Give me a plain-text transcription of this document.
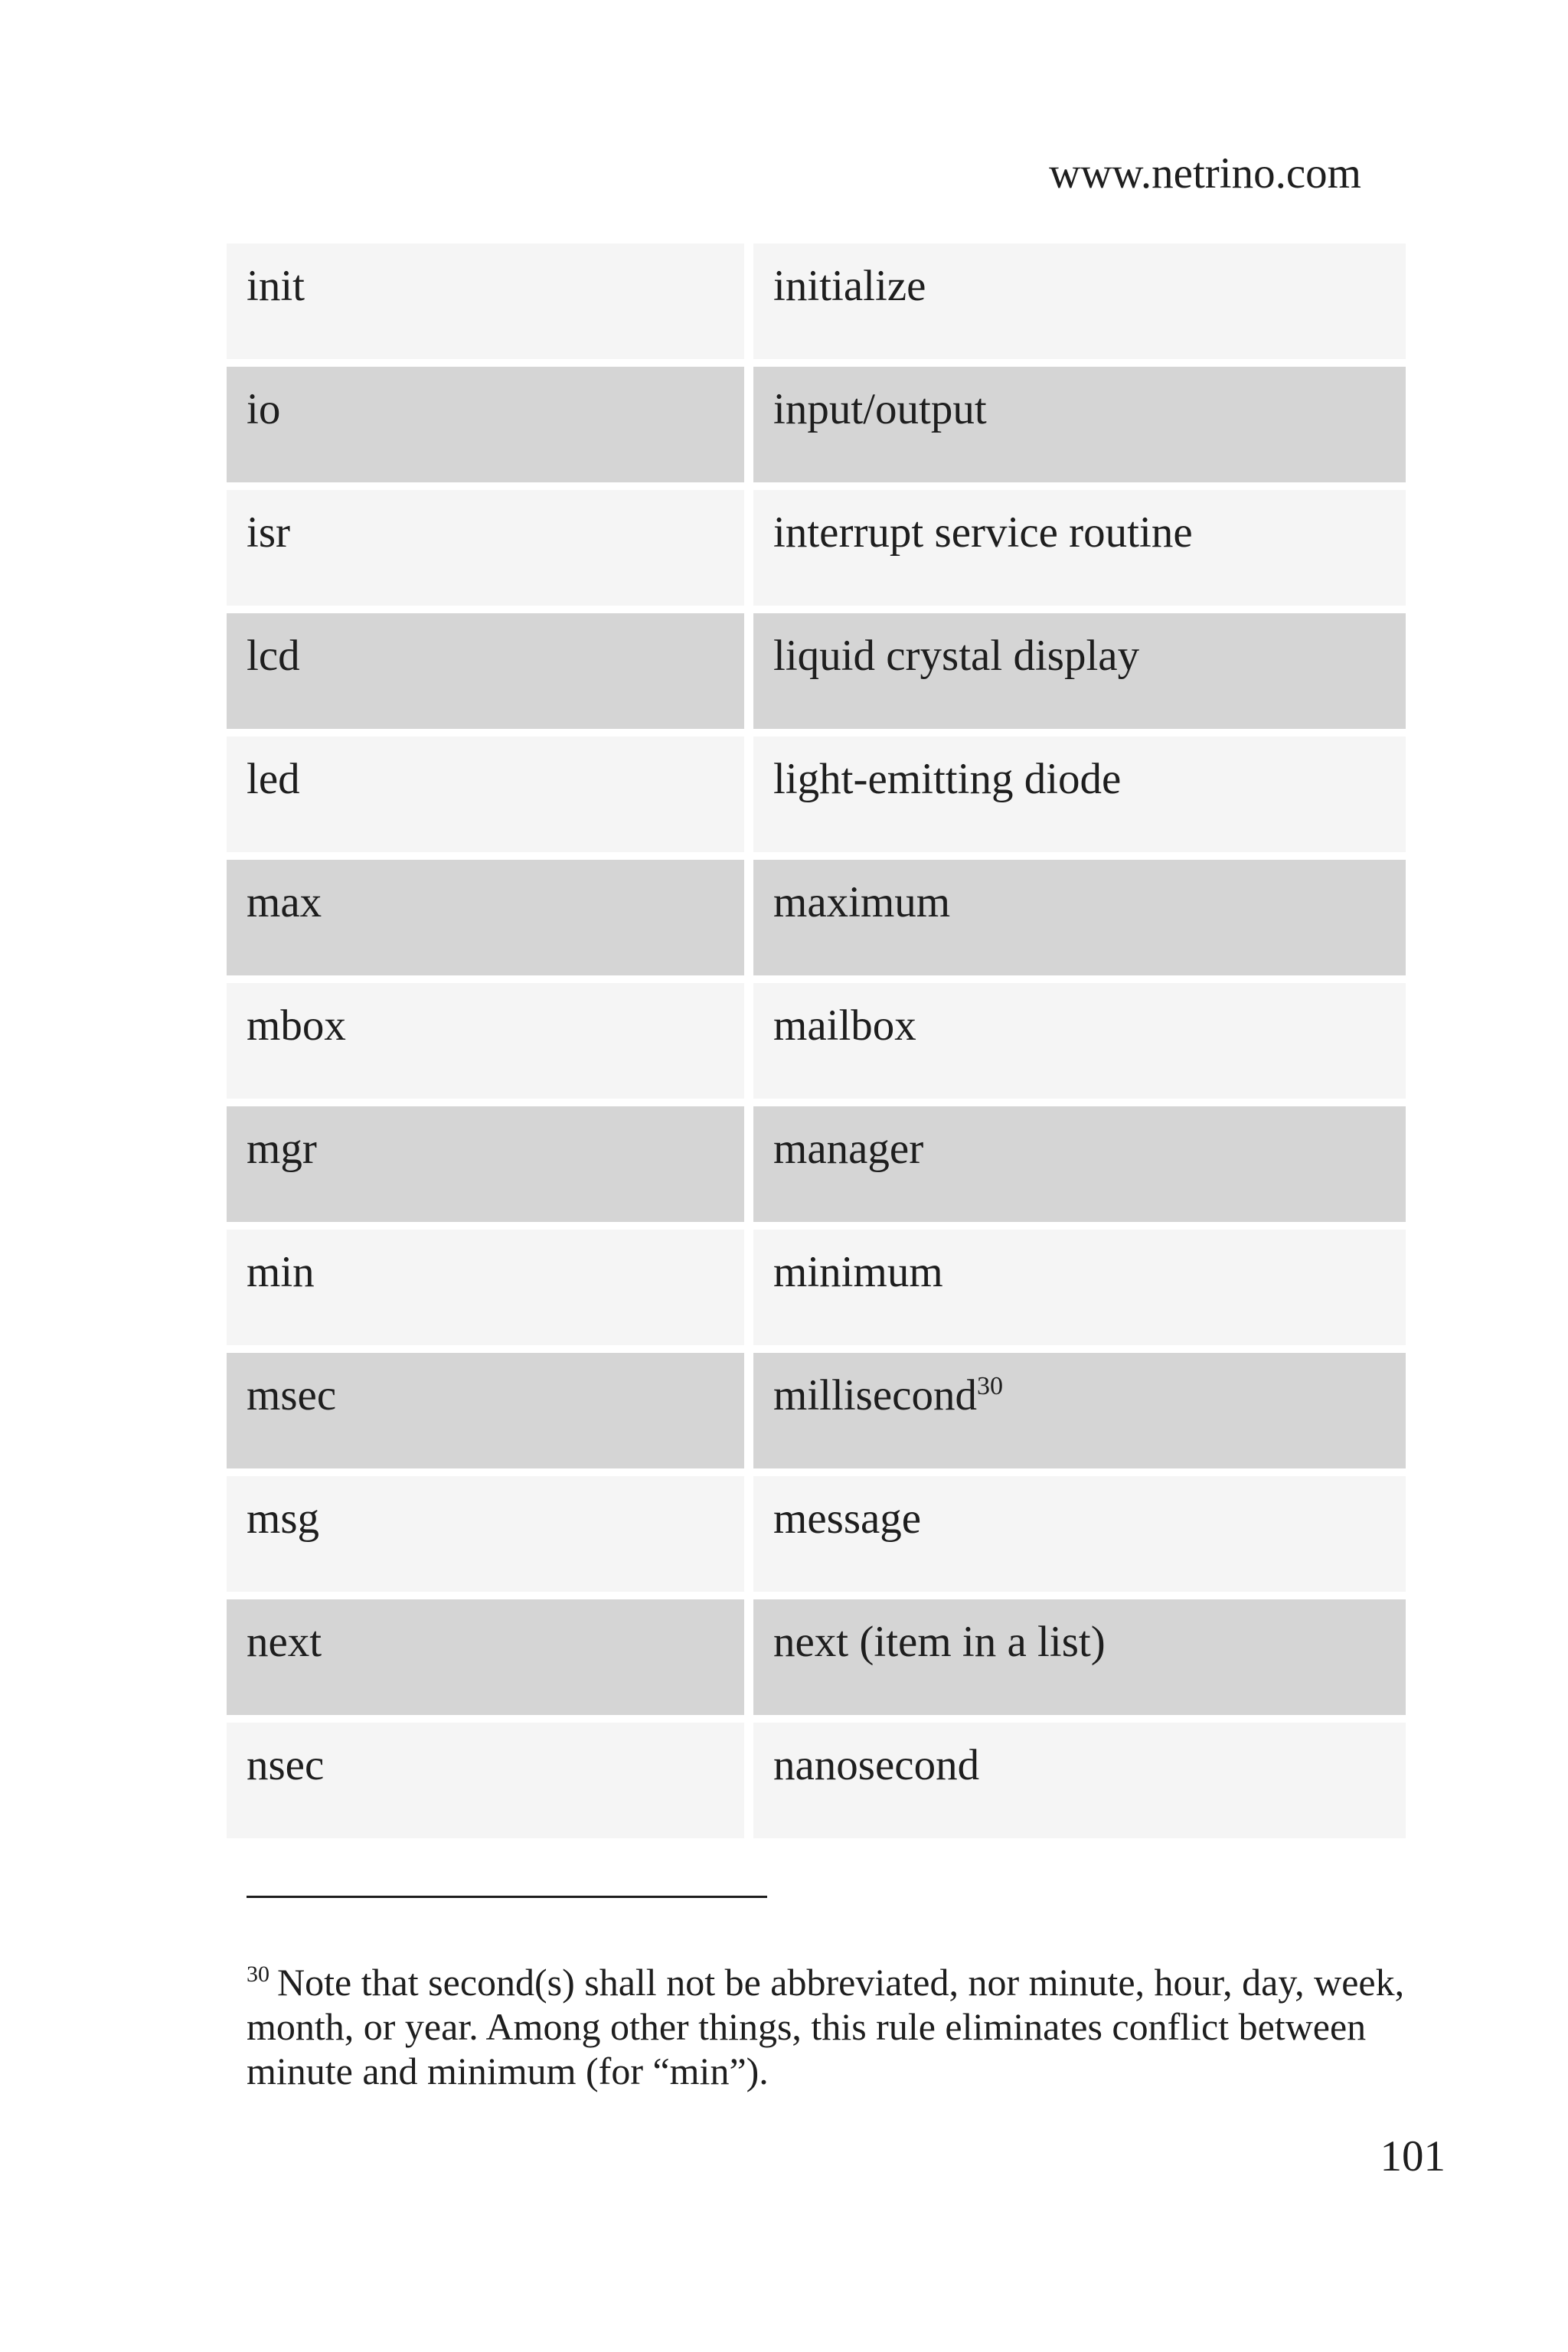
www.netrino.com
init	initialize
io	input/output
isr	interrupt service routine
lcd	liquid crystal display
led	light-emitting diode
max	maximum
mbox	mailbox
mgr	manager
min	minimum
msec	millisecond$^{30}$
msg	message
next	next (item in a list)
nsec	nanosecond
$^{30}$ Note that second(s) shall not be abbreviated, nor minute, hour, day, week, month, or year. Among other things, this rule eliminates conflict between minute and minimum (for “min”).
101
